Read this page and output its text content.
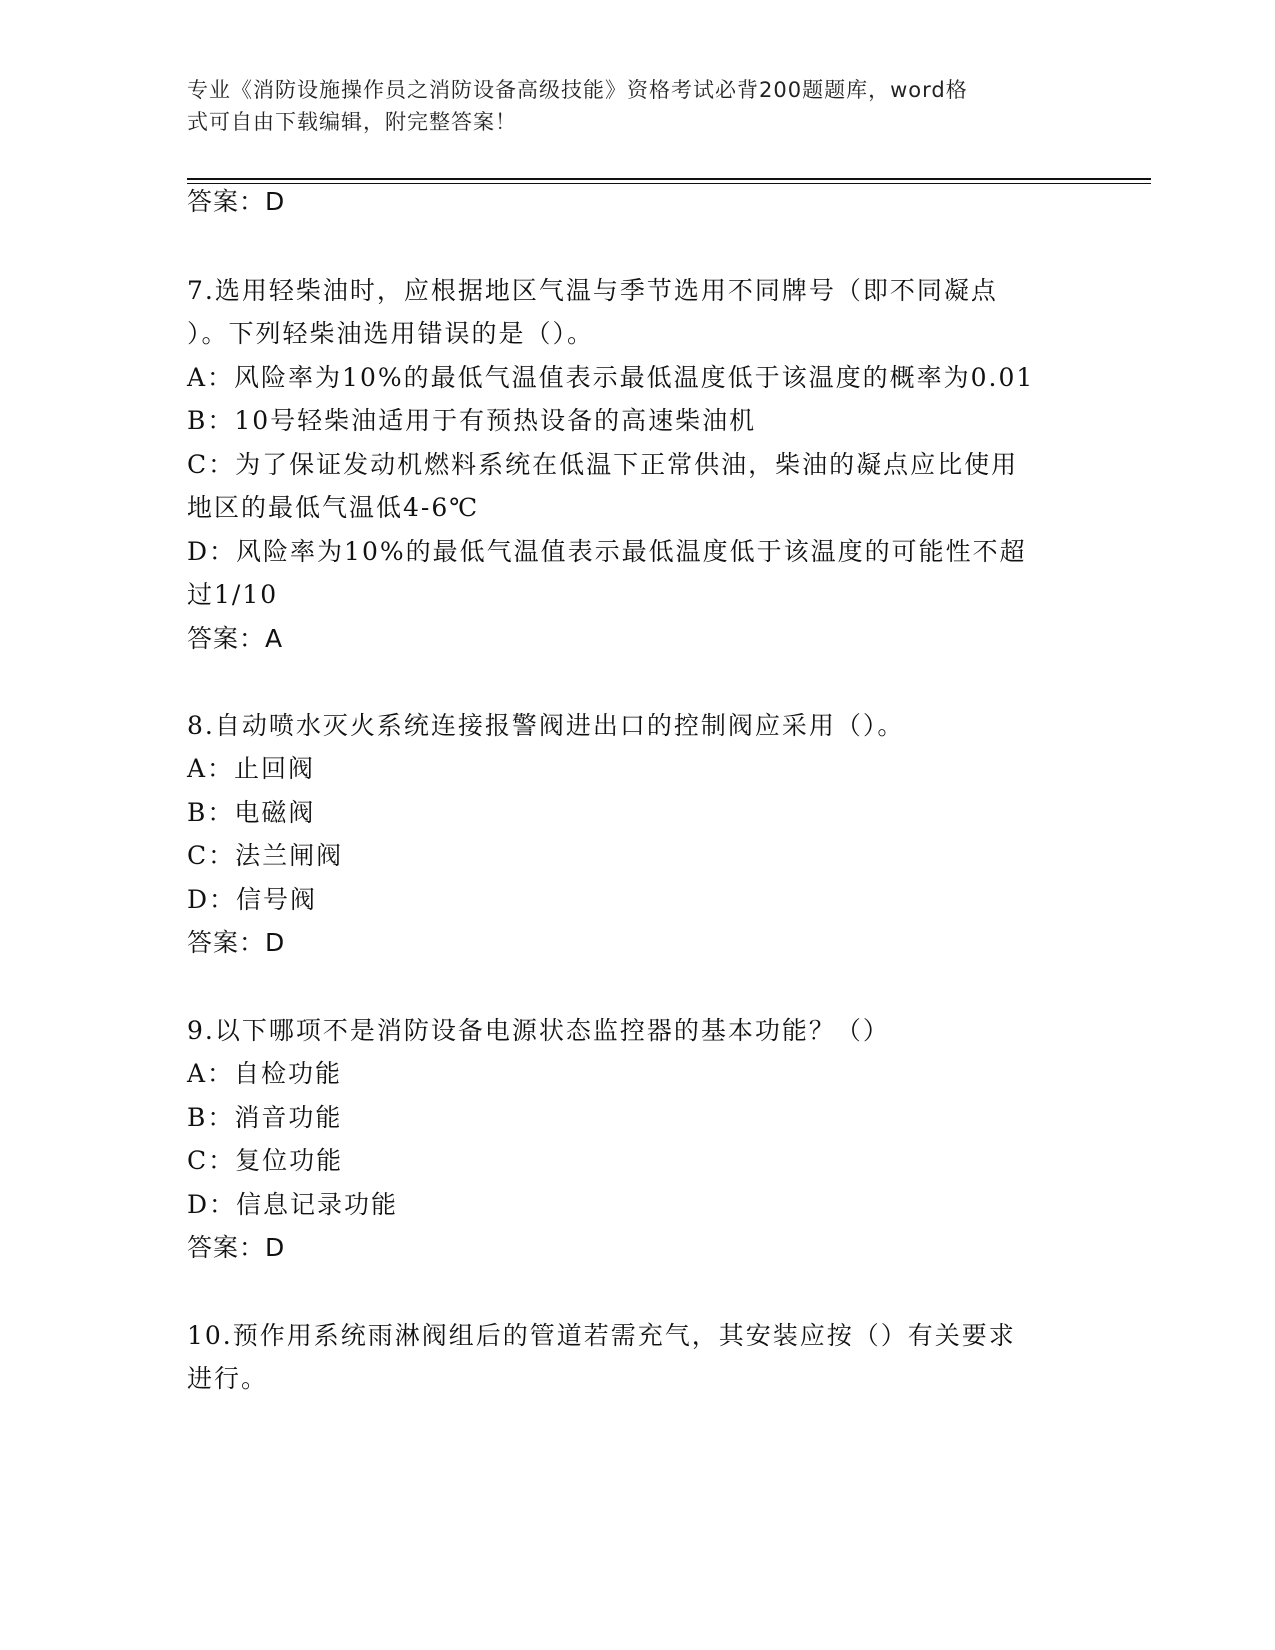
专业《消防设施操作员之消防设备高级技能》资格考试必背200题题库，word格
式可自由下载编辑，附完整答案！
答案：D
7.选用轻柴油时，应根据地区气温与季节选用不同牌号（即不同凝点
）。下列轻柴油选用错误的是（）。
A：风险率为10%的最低气温值表示最低温度低于该温度的概率为0.01
B：10号轻柴油适用于有预热设备的高速柴油机
C：为了保证发动机燃料系统在低温下正常供油，柴油的凝点应比使用
地区的最低气温低4-6℃
D：风险率为10%的最低气温值表示最低温度低于该温度的可能性不超
过1/10
答案：A
8.自动喷水灭火系统连接报警阀进出口的控制阀应采用（）。
A：止回阀
B：电磁阀
C：法兰闸阀
D：信号阀
答案：D
9.以下哪项不是消防设备电源状态监控器的基本功能？（）
A：自检功能
B：消音功能
C：复位功能
D：信息记录功能
答案：D
10.预作用系统雨淋阀组后的管道若需充气，其安装应按（）有关要求
进行。
